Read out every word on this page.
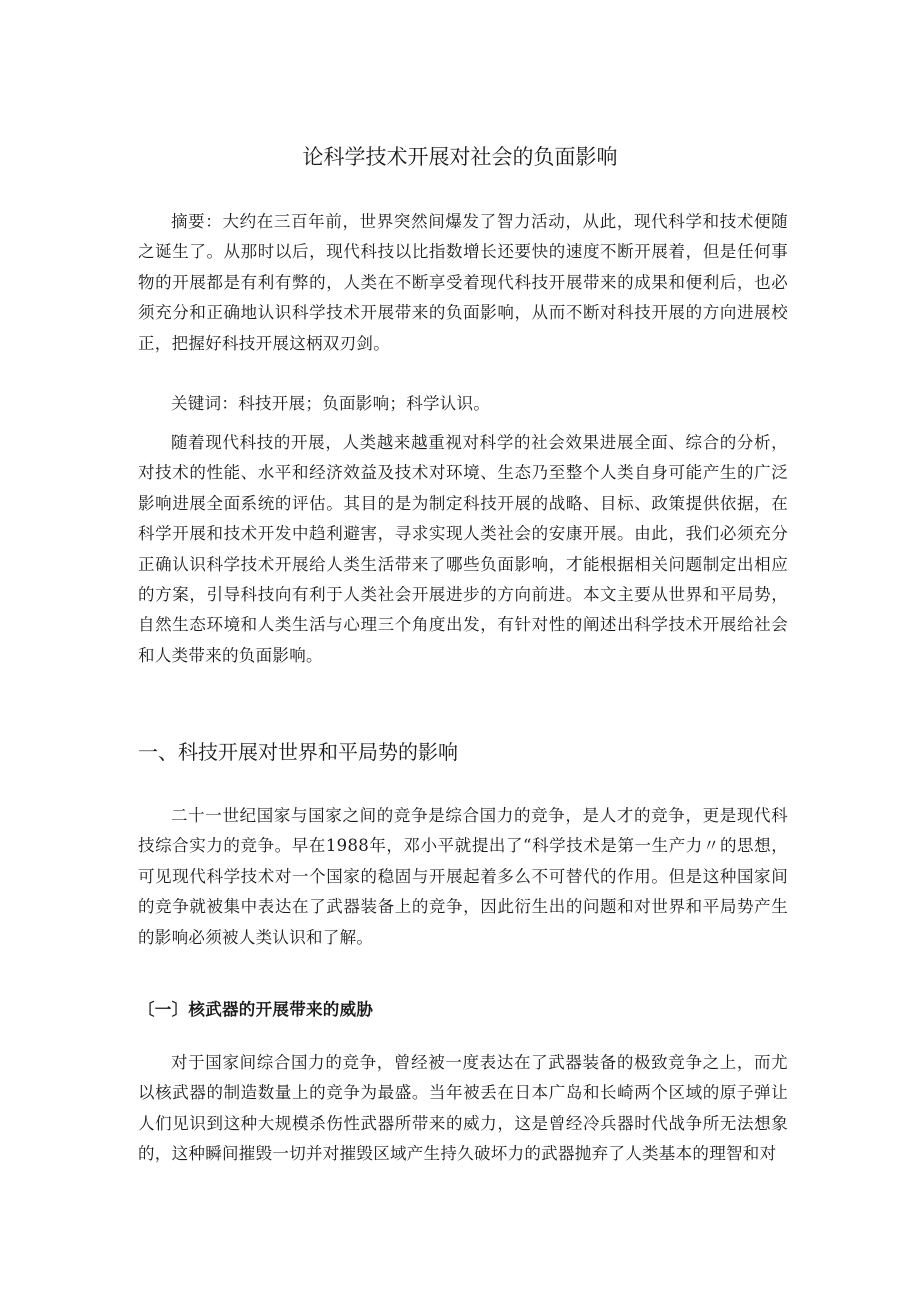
论科学技术开展对社会的负面影响

摘要：大约在三百年前，世界突然间爆发了智力活动，从此，现代科学和技术便随之诞生了。从那时以后，现代科技以比指数增长还要快的速度不断开展着，但是任何事物的开展都是有利有弊的，人类在不断享受着现代科技开展带来的成果和便利后，也必须充分和正确地认识科学技术开展带来的负面影响，从而不断对科技开展的方向进展校正，把握好科技开展这柄双刃剑。

关键词：科技开展；负面影响；科学认识。

随着现代科技的开展，人类越来越重视对科学的社会效果进展全面、综合的分析，对技术的性能、水平和经济效益及技术对环境、生态乃至整个人类自身可能产生的广泛影响进展全面系统的评估。其目的是为制定科技开展的战略、目标、政策提供依据，在科学开展和技术开发中趋利避害，寻求实现人类社会的安康开展。由此，我们必须充分正确认识科学技术开展给人类生活带来了哪些负面影响，才能根据相关问题制定出相应的方案，引导科技向有利于人类社会开展进步的方向前进。本文主要从世界和平局势，自然生态环境和人类生活与心理三个角度出发，有针对性的阐述出科学技术开展给社会和人类带来的负面影响。

一、科技开展对世界和平局势的影响

二十一世纪国家与国家之间的竞争是综合国力的竞争，是人才的竞争，更是现代科技综合实力的竞争。早在1988年，邓小平就提出了“科学技术是第一生产力〃的思想，可见现代科学技术对一个国家的稳固与开展起着多么不可替代的作用。但是这种国家间的竞争就被集中表达在了武器装备上的竞争，因此衍生出的问题和对世界和平局势产生的影响必须被人类认识和了解。

〔一〕核武器的开展带来的威胁

对于国家间综合国力的竞争，曾经被一度表达在了武器装备的极致竞争之上，而尤以核武器的制造数量上的竞争为最盛。当年被丢在日本广岛和长崎两个区域的原子弹让人们见识到这种大规模杀伤性武器所带来的威力，这是曾经冷兵器时代战争所无法想象的，这种瞬间摧毁一切并对摧毁区域产生持久破坏力的武器抛弃了人类基本的理智和对
